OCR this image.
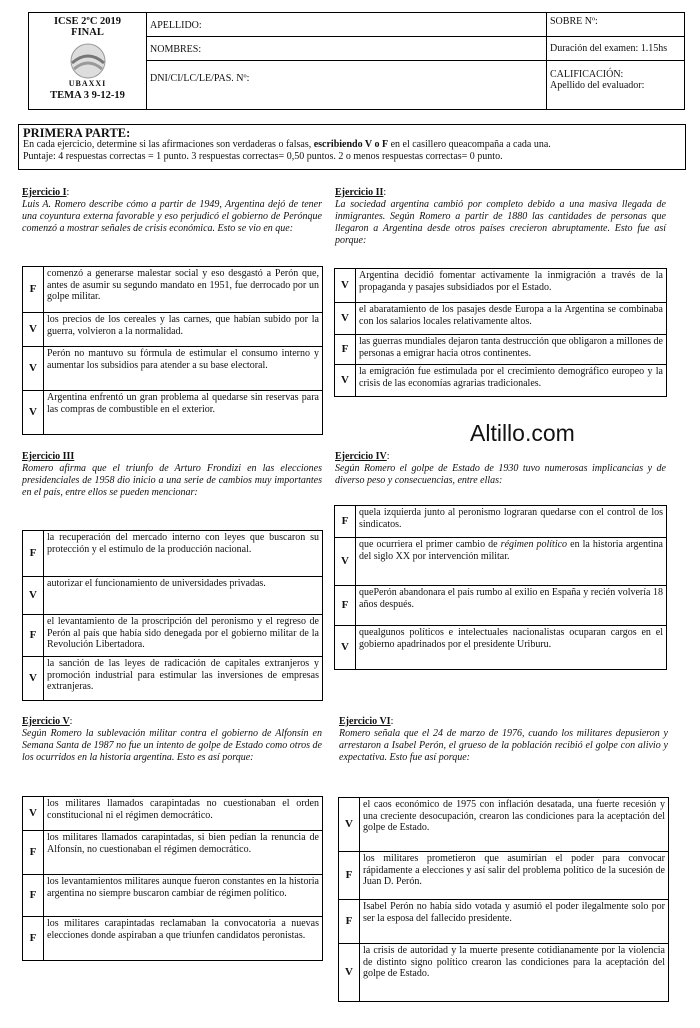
ICSE 2ºC 2019
FINAL
UBAXXI
TEMA 3 9-12-19
APELLIDO:
NOMBRES:
DNI/CI/LC/LE/PAS. Nº:
SOBRE Nº:
Duración del examen: 1.15hs
CALIFICACIÓN:
Apellido del evaluador:
PRIMERA PARTE:
En cada ejercicio, determine si las afirmaciones son verdaderas o falsas, escribiendo V o F en el casillero queacompaña a cada una.
Puntaje: 4 respuestas correctas = 1 punto. 3 respuestas correctas= 0,50 puntos. 2 o menos respuestas correctas= 0 punto.
Ejercicio I:
Luis A. Romero describe cómo a partir de 1949, Argentina dejó de tener una coyuntura externa favorable y eso perjudicó el gobierno de Perónque comenzó a mostrar señales de crisis económica. Esto se vio en que:
F	comenzó a generarse malestar social y eso desgastó a Perón que, antes de asumir su segundo mandato en 1951, fue derrocado por un golpe militar.
V	los precios de los cereales y las carnes, que habían subido por la guerra, volvieron a la normalidad.
V	Perón no mantuvo su fórmula de estimular el consumo interno y aumentar los subsidios para atender a su base electoral.
V	Argentina enfrentó un gran problema al quedarse sin reservas para las compras de combustible en el exterior.
Ejercicio II:
La sociedad argentina cambió por completo debido a una masiva llegada de inmigrantes. Según Romero a partir de 1880 las cantidades de personas que llegaron a Argentina desde otros países crecieron abruptamente. Esto fue así porque:
V	Argentina decidió fomentar activamente la inmigración a través de la propaganda y pasajes subsidiados por el Estado.
V	el abaratamiento de los pasajes desde Europa a la Argentina se combinaba con los salarios locales relativamente altos.
F	las guerras mundiales dejaron tanta destrucción que obligaron a millones de personas a emigrar hacia otros continentes.
V	la emigración fue estimulada por el crecimiento demográfico europeo y la crisis de las economías agrarias tradicionales.
Altillo.com
Ejercicio III
Romero afirma que el triunfo de Arturo Frondizi en las elecciones presidenciales de 1958 dio inicio a una serie de cambios muy importantes en el país, entre ellos se pueden mencionar:
F	la recuperación del mercado interno con leyes que buscaron su protección y el estímulo de la producción nacional.
V	autorizar el funcionamiento de universidades privadas.
F	el levantamiento de la proscripción del peronismo y el regreso de Perón al país que había sido denegada por el gobierno militar de la Revolución Libertadora.
V	la sanción de las leyes de radicación de capitales extranjeros y promoción industrial para estimular las inversiones de empresas extranjeras.
Ejercicio IV:
Según Romero el golpe de Estado de 1930 tuvo numerosas implicancias y de diverso peso y consecuencias, entre ellas:
F	quela izquierda junto al peronismo lograran quedarse con el control de los sindicatos.
V	que ocurriera el primer cambio de régimen político en la historia argentina del siglo XX por intervención militar.
F	quePerón abandonara el país rumbo al exilio en España y recién volvería 18 años después.
V	quealgunos políticos e intelectuales nacionalistas ocuparan cargos en el gobierno apadrinados por el presidente Uriburu.
Ejercicio V:
Según Romero la sublevación militar contra el gobierno de Alfonsín en Semana Santa de 1987 no fue un intento de golpe de Estado como otros de los ocurridos en la historia argentina. Esto es así porque:
V	los militares llamados carapintadas no cuestionaban el orden constitucional ni el régimen democrático.
F	los militares llamados carapintadas, si bien pedían la renuncia de Alfonsín, no cuestionaban el régimen democrático.
F	los levantamientos militares aunque fueron constantes en la historia argentina no siempre buscaron cambiar de régimen político.
F	los militares carapintadas reclamaban la convocatoria a nuevas elecciones donde aspiraban a que triunfen candidatos peronistas.
Ejercicio VI:
Romero señala que el 24 de marzo de 1976, cuando los militares depusieron y arrestaron a Isabel Perón, el grueso de la población recibió el golpe con alivio y expectativa. Esto fue así porque:
V	el caos económico de 1975 con inflación desatada, una fuerte recesión y una creciente desocupación, crearon las condiciones para la aceptación del golpe de Estado.
F	los militares prometieron que asumirían el poder para convocar rápidamente a elecciones y así salir del problema político de la sucesión de Juan D. Perón.
F	Isabel Perón no había sido votada y asumió el poder ilegalmente solo por ser la esposa del fallecido presidente.
V	la crisis de autoridad y la muerte presente cotidianamente por la violencia de distinto signo político crearon las condiciones para la aceptación del golpe de Estado.
